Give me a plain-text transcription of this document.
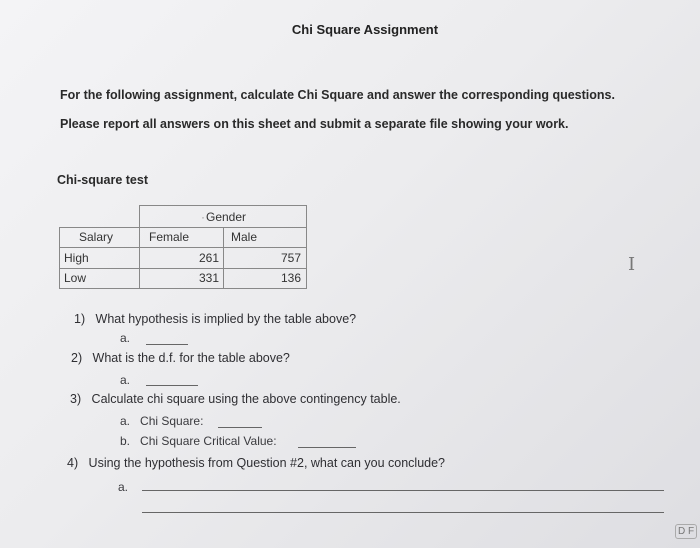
Chi Square Assignment
For the following assignment, calculate Chi Square and answer the corresponding questions.
Please report all answers on this sheet and submit a separate file showing your work.
Chi-square test
· Gender
Salary	Female	Male
High	261	757
Low	331	136
1) What hypothesis is implied by the table above?
a.
2) What is the d.f. for the table above?
a.
3) Calculate chi square using the above contingency table.
a. Chi Square:
b. Chi Square Critical Value:
4) Using the hypothesis from Question #2, what can you conclude?
a.
I
D F
